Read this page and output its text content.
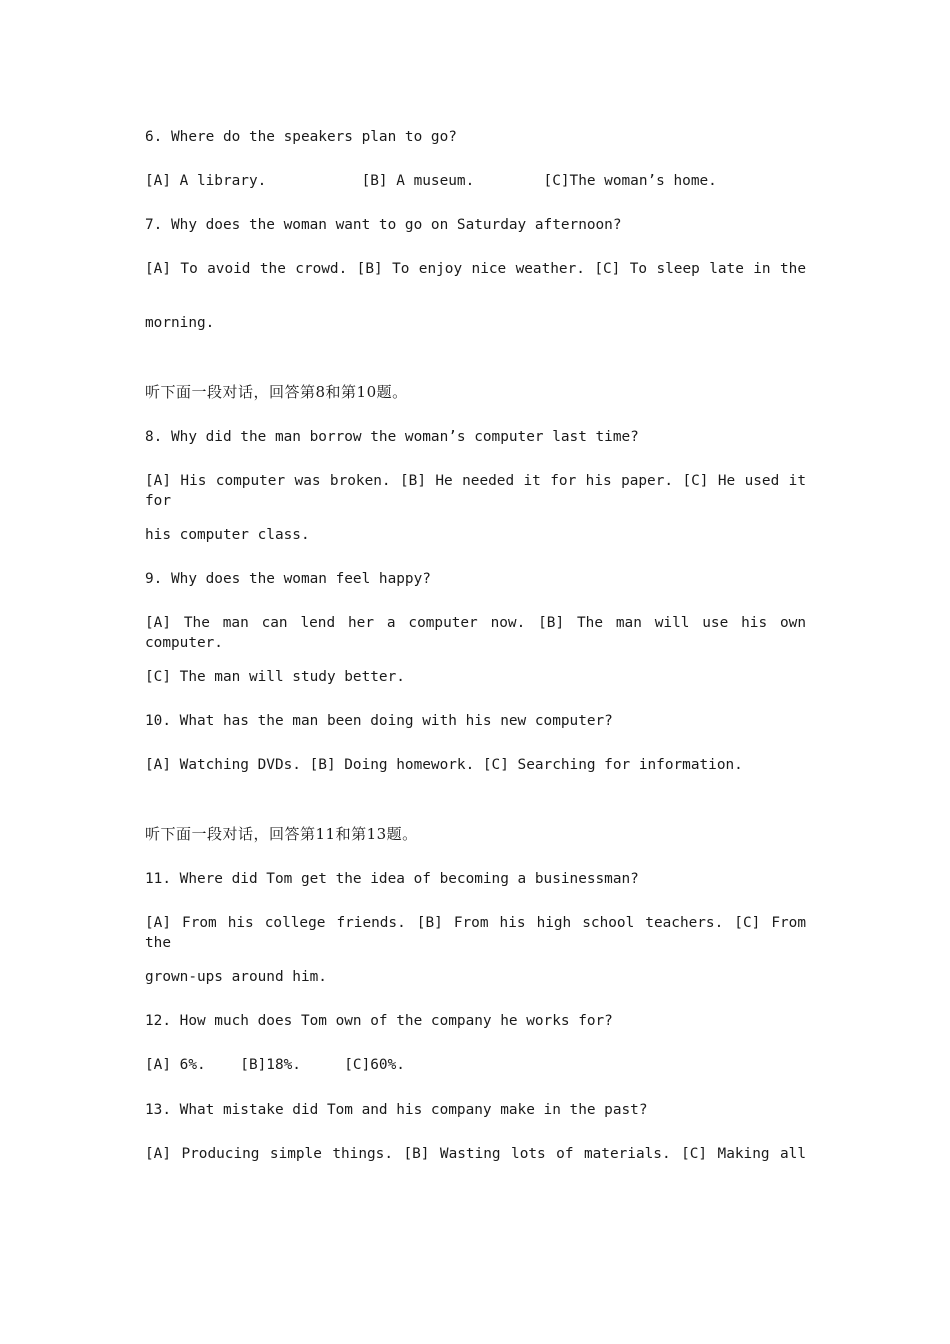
6. Where do the speakers plan to go?
[A] A library.           [B] A museum.        [C]The woman’s home.
7. Why does the woman want to go on Saturday afternoon?
[A] To avoid the crowd. [B] To enjoy nice weather. [C] To sleep late in the
morning.
听下面一段对话，回答第8和第10题。
8. Why did the man borrow the woman’s computer last time?
[A] His computer was broken. [B] He needed it for his paper. [C] He used it for
his computer class.
9. Why does the woman feel happy?
[A] The man can lend her a computer now. [B] The man will use his own computer.
[C] The man will study better.
10. What has the man been doing with his new computer?
[A] Watching DVDs. [B] Doing homework. [C] Searching for information.
听下面一段对话，回答第11和第13题。
11. Where did Tom get the idea of becoming a businessman?
[A] From his college friends. [B] From his high school teachers. [C] From the
grown-ups around him.
12. How much does Tom own of the company he works for?
[A] 6%.    [B]18%.     [C]60%.
13. What mistake did Tom and his company make in the past?
[A] Producing simple things. [B] Wasting lots of materials. [C] Making all
